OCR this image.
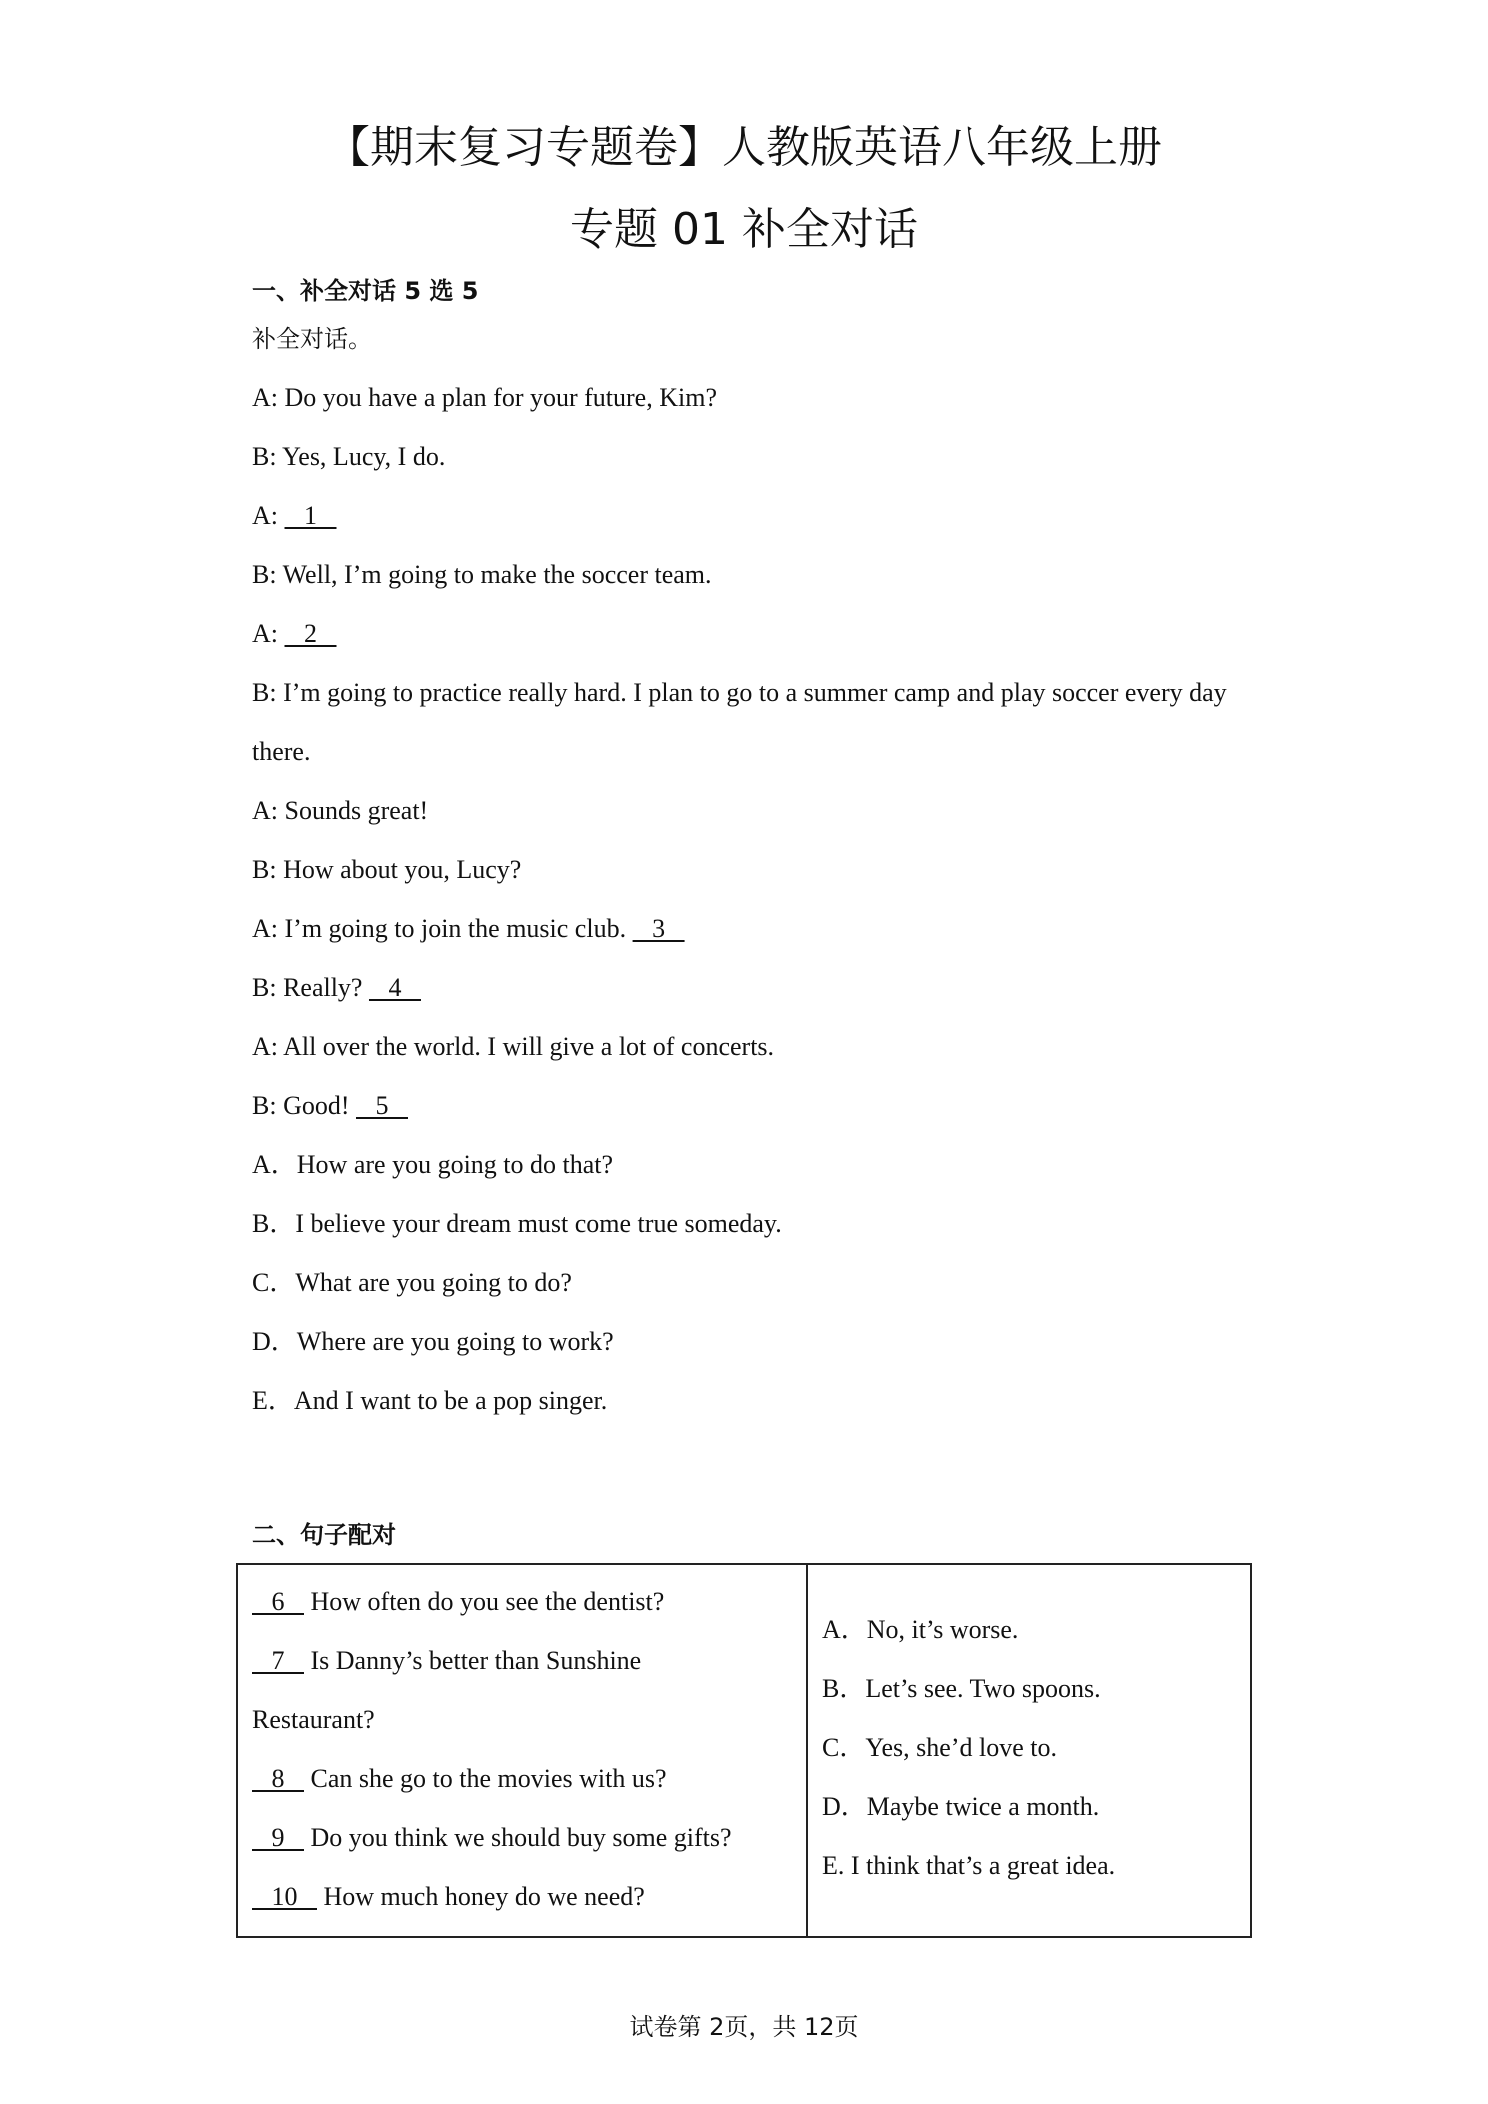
【期末复习专题卷】人教版英语八年级上册
专题 01 补全对话
一、补全对话 5 选 5
补全对话。
A: Do you have a plan for your future, Kim?
B: Yes, Lucy, I do.
A:    1
B: Well, I’m going to make the soccer team.
A:    2
B: I’m going to practice really hard. I plan to go to a summer camp and play soccer every day
there.
A: Sounds great!
B: How about you, Lucy?
A: I’m going to join the music club.    3
B: Really?    4
A: All over the world. I will give a lot of concerts.
B: Good!    5
A．How are you going to do that?
B．I believe your dream must come true someday.
C．What are you going to do?
D．Where are you going to work?
E．And I want to be a pop singer.
二、句子配对
6    How often do you see the dentist?
7    Is Danny’s better than Sunshine
Restaurant?
8    Can she go to the movies with us?
9    Do you think we should buy some gifts?
10    How much honey do we need?

A．No, it’s worse.
B．Let’s see. Two spoons.
C．Yes, she’d love to.
D．Maybe twice a month.
E. I think that’s a great idea.
试卷第 2页，共 12页
